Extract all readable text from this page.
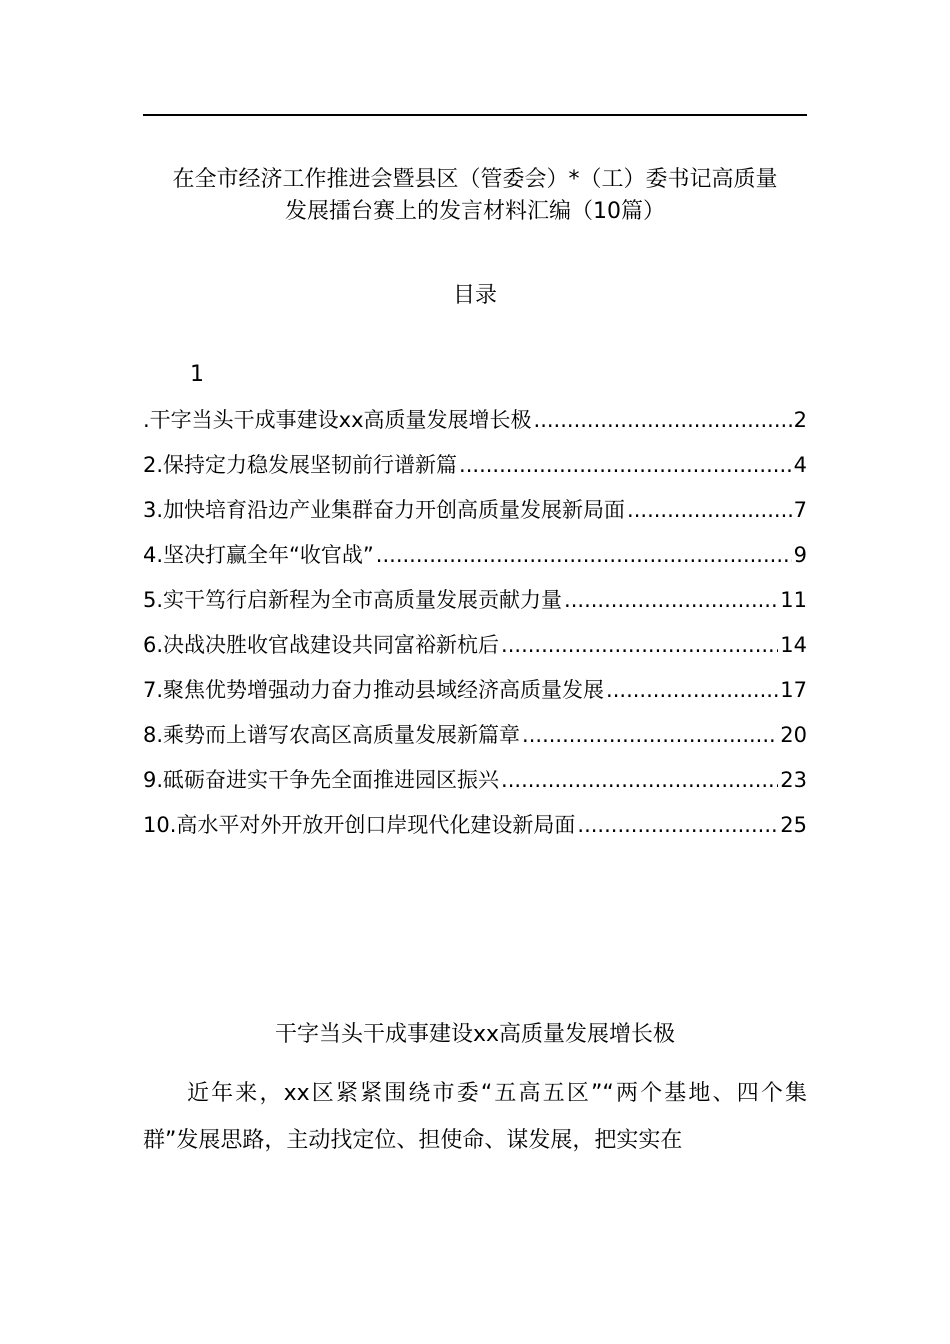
在全市经济工作推进会暨县区（管委会）*（工）委书记高质量
发展擂台赛上的发言材料汇编（10篇）
目录
1
.干字当头干成事建设xx高质量发展增长极 .....	2
2.保持定力稳发展坚韧前行谱新篇 .....	4
3.加快培育沿边产业集群奋力开创高质量发展新局面 .....	7
4.坚决打赢全年“收官战” .....	9
5.实干笃行启新程为全市高质量发展贡献力量 .....	11
6.决战决胜收官战建设共同富裕新杭后 .....	14
7.聚焦优势增强动力奋力推动县域经济高质量发展 .....	17
8.乘势而上谱写农高区高质量发展新篇章 .....	20
9.砥砺奋进实干争先全面推进园区振兴 .....	23
10.高水平对外开放开创口岸现代化建设新局面 .....	25
干字当头干成事建设xx高质量发展增长极
近年来，xx区紧紧围绕市委“五高五区”“两个基地、四个集群”发展思路，主动找定位、担使命、谋发展，把实实在
